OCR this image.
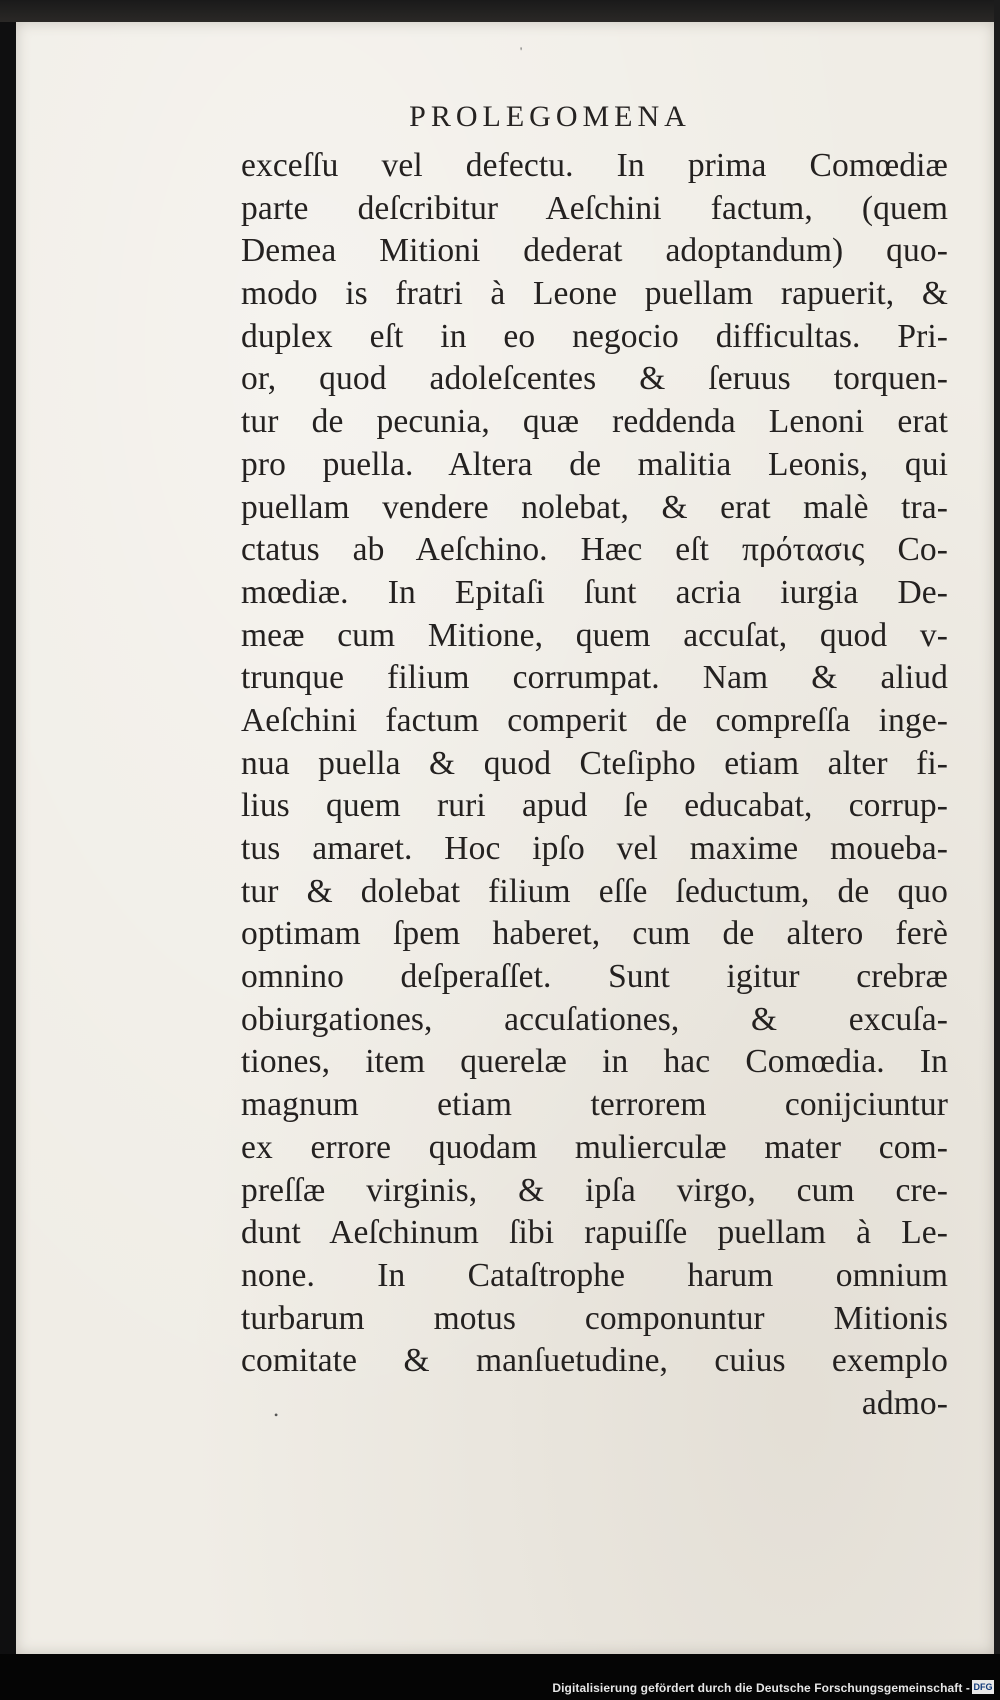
PROLEGOMENA
exceſſu vel defectu. In prima Comœdiæ
parte deſcribitur Aeſchini factum, (quem
Demea Mitioni dederat adoptandum) quo-
modo is fratri à Leone puellam rapuerit, &
duplex eſt in eo negocio difficultas. Pri-
or, quod adoleſcentes & ſeruus torquen-
tur de pecunia, quæ reddenda Lenoni erat
pro puella. Altera de malitia Leonis, qui
puellam vendere nolebat, & erat malè tra-
ctatus ab Aeſchino. Hæc eſt πρότασις Co-
mœdiæ. In Epitaſi ſunt acria iurgia De-
meæ cum Mitione, quem accuſat, quod v-
trunque filium corrumpat. Nam & aliud
Aeſchini factum comperit de compreſſa inge-
nua puella & quod Cteſipho etiam alter fi-
lius quem ruri apud ſe educabat, corrup-
tus amaret. Hoc ipſo vel maxime moueba-
tur & dolebat filium eſſe ſeductum, de quo
optimam ſpem haberet, cum de altero ferè
omnino deſperaſſet. Sunt igitur crebræ
obiurgationes, accuſationes, & excuſa-
tiones, item querelæ in hac Comœdia. In
magnum etiam terrorem conijciuntur
ex errore quodam mulierculæ mater com-
preſſæ virginis, & ipſa virgo, cum cre-
dunt Aeſchinum ſibi rapuiſſe puellam à Le-
none. In Cataſtrophe harum omnium
turbarum motus componuntur Mitionis
comitate & manſuetudine, cuius exemplo
admo-
'
•
Digitalisierung gefördert durch die Deutsche Forschungsgemeinschaft - DFG
